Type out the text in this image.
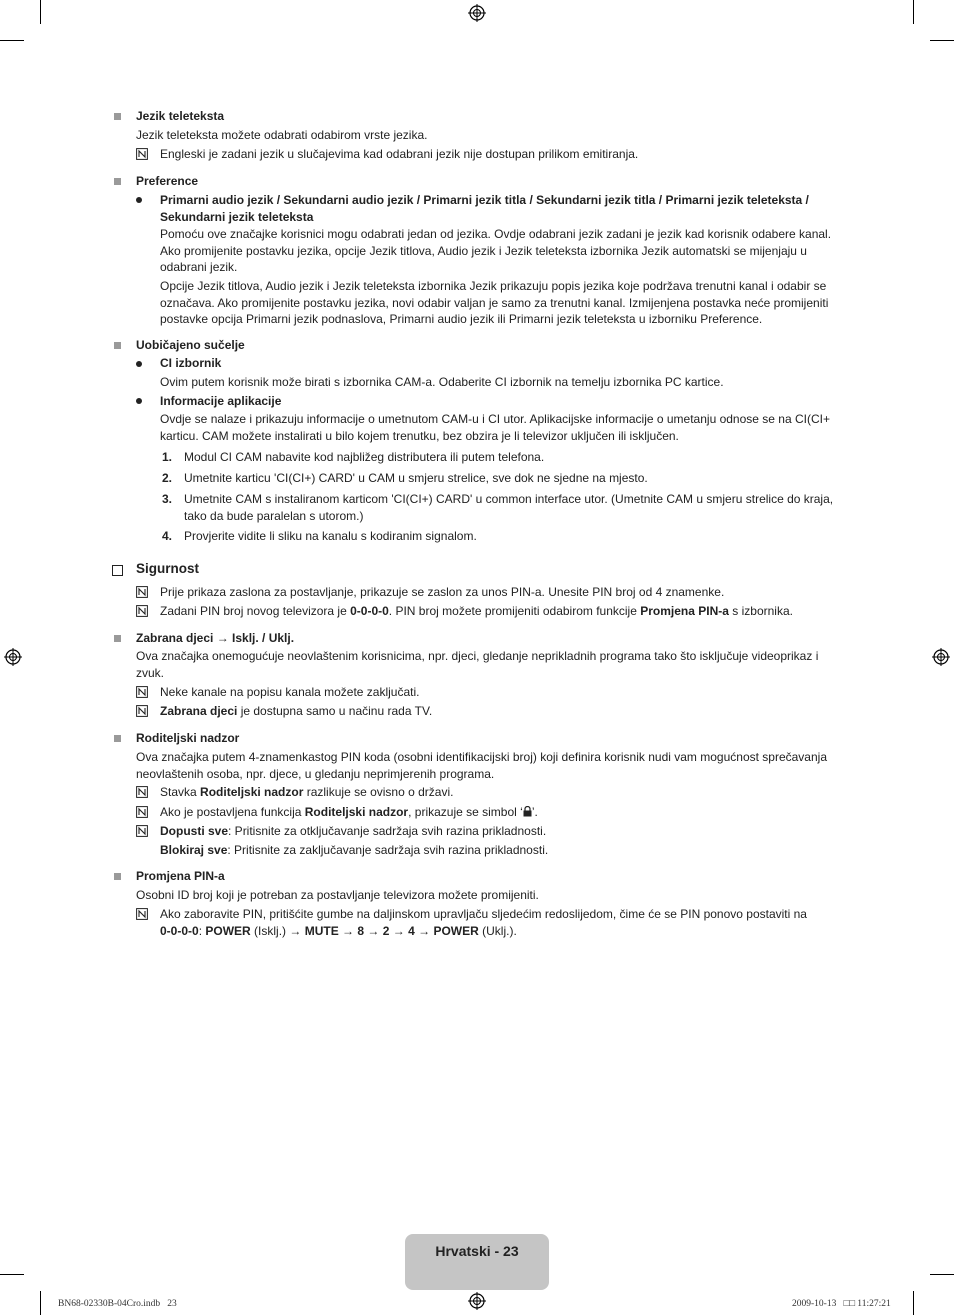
Jezik teleteksta
Jezik teleteksta možete odabrati odabirom vrste jezika.
Engleski je zadani jezik u slučajevima kad odabrani jezik nije dostupan prilikom emitiranja.
Preference
Primarni audio jezik / Sekundarni audio jezik / Primarni jezik titla / Sekundarni jezik titla / Primarni jezik teleteksta / Sekundarni jezik teleteksta
Pomoću ove značajke korisnici mogu odabrati jedan od jezika. Ovdje odabrani jezik zadani je jezik kad korisnik odabere kanal. Ako promijenite postavku jezika, opcije Jezik titlova, Audio jezik i Jezik teleteksta izbornika Jezik automatski se mijenjaju u odabrani jezik.
Opcije Jezik titlova, Audio jezik i Jezik teleteksta izbornika Jezik prikazuju popis jezika koje podržava trenutni kanal i odabir se označava. Ako promijenite postavku jezika, novi odabir valjan je samo za trenutni kanal. Izmijenjena postavka neće promijeniti postavke opcija Primarni jezik podnaslova, Primarni audio jezik ili Primarni jezik teleteksta u izborniku Preference.
Uobičajeno sučelje
CI izbornik
Ovim putem korisnik može birati s izbornika CAM-a. Odaberite CI izbornik na temelju izbornika PC kartice.
Informacije aplikacije
Ovdje se nalaze i prikazuju informacije o umetnutom CAM-u i CI utor. Aplikacijske informacije o umetanju odnose se na CI(CI+ karticu. CAM možete instalirati u bilo kojem trenutku, bez obzira je li televizor uključen ili isključen.
1. Modul CI CAM nabavite kod najbližeg distributera ili putem telefona.
2. Umetnite karticu 'CI(CI+) CARD' u CAM u smjeru strelice, sve dok ne sjedne na mjesto.
3. Umetnite CAM s instaliranom karticom 'CI(CI+) CARD' u common interface utor. (Umetnite CAM u smjeru strelice do kraja, tako da bude paralelan s utorom.)
4. Provjerite vidite li sliku na kanalu s kodiranim signalom.
Sigurnost
Prije prikaza zaslona za postavljanje, prikazuje se zaslon za unos PIN-a. Unesite PIN broj od 4 znamenke.
Zadani PIN broj novog televizora je 0-0-0-0. PIN broj možete promijeniti odabirom funkcije Promjena PIN-a s izbornika.
Zabrana djeci → Isklj. / Uklj.
Ova značajka onemogućuje neovlaštenim korisnicima, npr. djeci, gledanje neprikladnih programa tako što isključuje videoprikaz i zvuk.
Neke kanale na popisu kanala možete zaključati.
Zabrana djeci je dostupna samo u načinu rada TV.
Roditeljski nadzor
Ova značajka putem 4-znamenkastog PIN koda (osobni identifikacijski broj) koji definira korisnik nudi vam mogućnost sprečavanja neovlaštenih osoba, npr. djece, u gledanju neprimjerenih programa.
Stavka Roditeljski nadzor razlikuje se ovisno o državi.
Ako je postavljena funkcija Roditeljski nadzor, prikazuje se simbol ‘ ’.
Dopusti sve: Pritisnite za otključavanje sadržaja svih razina prikladnosti.
Blokiraj sve: Pritisnite za zaključavanje sadržaja svih razina prikladnosti.
Promjena PIN-a
Osobni ID broj koji je potreban za postavljanje televizora možete promijeniti.
Ako zaboravite PIN, pritišćite gumbe na daljinskom upravljaču sljedećim redoslijedom, čime će se PIN ponovo postaviti na
0-0-0-0: POWER (Isklj.) → MUTE → 8 → 2 → 4 → POWER (Uklj.).
Hrvatski - 23
BN68-02330B-04Cro.indb   23	2009-10-13   □□ 11:27:21
